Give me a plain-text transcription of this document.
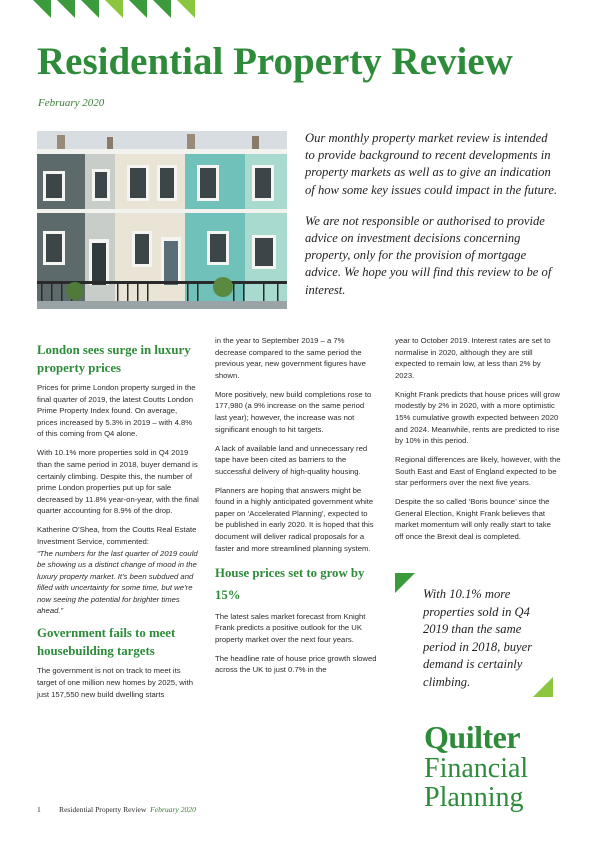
Residential Property Review
February 2020

Our monthly property market review is intended to provide background to recent developments in property markets as well as to give an indication of how some key issues could impact in the future.

We are not responsible or authorised to provide advice on investment decisions concerning property, only for the provision of mortgage advice. We hope you will find this review to be of interest.

London sees surge in luxury property prices

Prices for prime London property surged in the final quarter of 2019, the latest Coutts London Prime Property Index found. On average, prices increased by 5.3% in 2019 – with 4.8% of this coming from Q4 alone.

With 10.1% more properties sold in Q4 2019 than the same period in 2018, buyer demand is certainly climbing. Despite this, the number of prime London properties put up for sale decreased by 11.8% year-on-year, with the final quarter accounting for 8.9% of the drop.

Katherine O’Shea, from the Coutts Real Estate Investment Service, commented:

“The numbers for the last quarter of 2019 could be showing us a distinct change of mood in the luxury property market. It’s been subdued and filled with uncertainty for some time, but we’re now seeing the potential for brighter times ahead.”

Government fails to meet housebuilding targets

The government is not on track to meet its target of one million new homes by 2025, with just 157,550 new build dwelling starts

in the year to September 2019 – a 7% decrease compared to the same period the previous year, new government figures have shown.

More positively, new build completions rose to 177,980 (a 9% increase on the same period last year); however, the increase was not significant enough to hit targets.

A lack of available land and unnecessary red tape have been cited as barriers to the successful delivery of high-quality housing.

Planners are hoping that answers might be found in a highly anticipated government white paper on ‘Accelerated Planning’, expected to be published in early 2020. It is hoped that this document will deliver radical proposals for a faster and more streamlined planning system.

House prices set to grow by 15%

The latest sales market forecast from Knight Frank predicts a positive outlook for the UK property market over the next four years.

The headline rate of house price growth slowed across the UK to just 0.7% in the

year to October 2019. Interest rates are set to normalise in 2020, although they are still expected to remain low, at less than 2% by 2023.

Knight Frank predicts that house prices will grow modestly by 2% in 2020, with a more optimistic 15% cumulative growth expected between 2020 and 2024. Meanwhile, rents are predicted to rise by 10% in this period.

Regional differences are likely, however, with the South East and East of England expected to be star performers over the next five years.

Despite the so called ‘Boris bounce’ since the General Election, Knight Frank believes that market momentum will only really start to take off once the Brexit deal is completed.

With 10.1% more properties sold in Q4 2019 than the same period in 2018, buyer demand is certainly climbing.
Quilter
Financial
Planning
1 Residential Property Review February 2020
